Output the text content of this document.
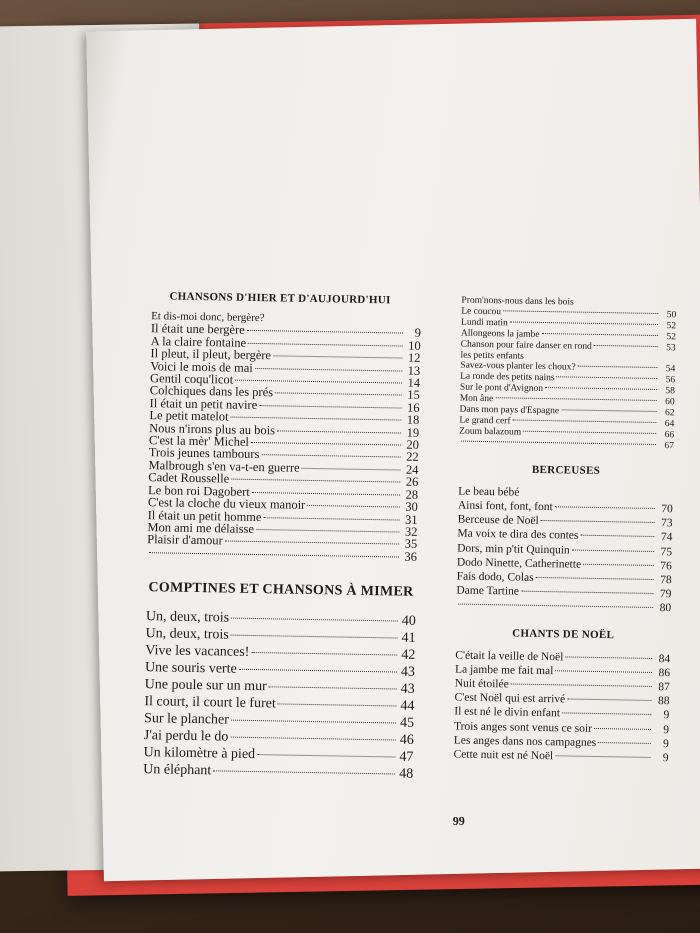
CHANSONS D'HIER ET D'AUJOURD'HUI
Et dis-moi donc, bergère?
Il était une bergère	9
A la claire fontaine	10
Il pleut, il pleut, bergère	12
Voici le mois de mai	13
Gentil coqu'licot	14
Colchiques dans les prés	15
Il était un petit navire	16
Le petit matelot	18
Nous n'irons plus au bois	19
C'est la mèr' Michel	20
Trois jeunes tambours	22
Malbrough s'en va-t-en guerre	24
Cadet Rousselle	26
Le bon roi Dagobert	28
C'est la cloche du vieux manoir	30
Il était un petit homme	31
Mon ami me délaisse	32
Plaisir d'amour	35
36
COMPTINES ET CHANSONS À MIMER
Un, deux, trois	40
Un, deux, trois	41
Vive les vacances!	42
Une souris verte	43
Une poule sur un mur	43
Il court, il court le furet	44
Sur le plancher	45
J'ai perdu le do	46
Un kilomètre à pied	47
Un éléphant	48
Prom'nons-nous dans les bois
Le coucou	50
Lundi matin	52
Allongeons la jambe	52
Chanson pour faire danser en rond	53
les petits enfants
Savez-vous planter les choux?	54
La ronde des petits nains	56
Sur le pont d'Avignon	58
Mon âne	60
Dans mon pays d'Espagne	62
Le grand cerf	64
Zoum balazoum	66
67
BERCEUSES
Le beau bébé
Ainsi font, font, font	70
Berceuse de Noël	73
Ma voix te dira des contes	74
Dors, min p'tit Quinquin	75
Dodo Ninette, Catherinette	76
Fais dodo, Colas	78
Dame Tartine	79
80
CHANTS DE NOËL
C'était la veille de Noël	84
La jambe me fait mal	86
Nuit étoilée	87
C'est Noël qui est arrivé	88
Il est né le divin enfant	9
Trois anges sont venus ce soir	9
Les anges dans nos campagnes	9
Cette nuit est né Noël	9
99
